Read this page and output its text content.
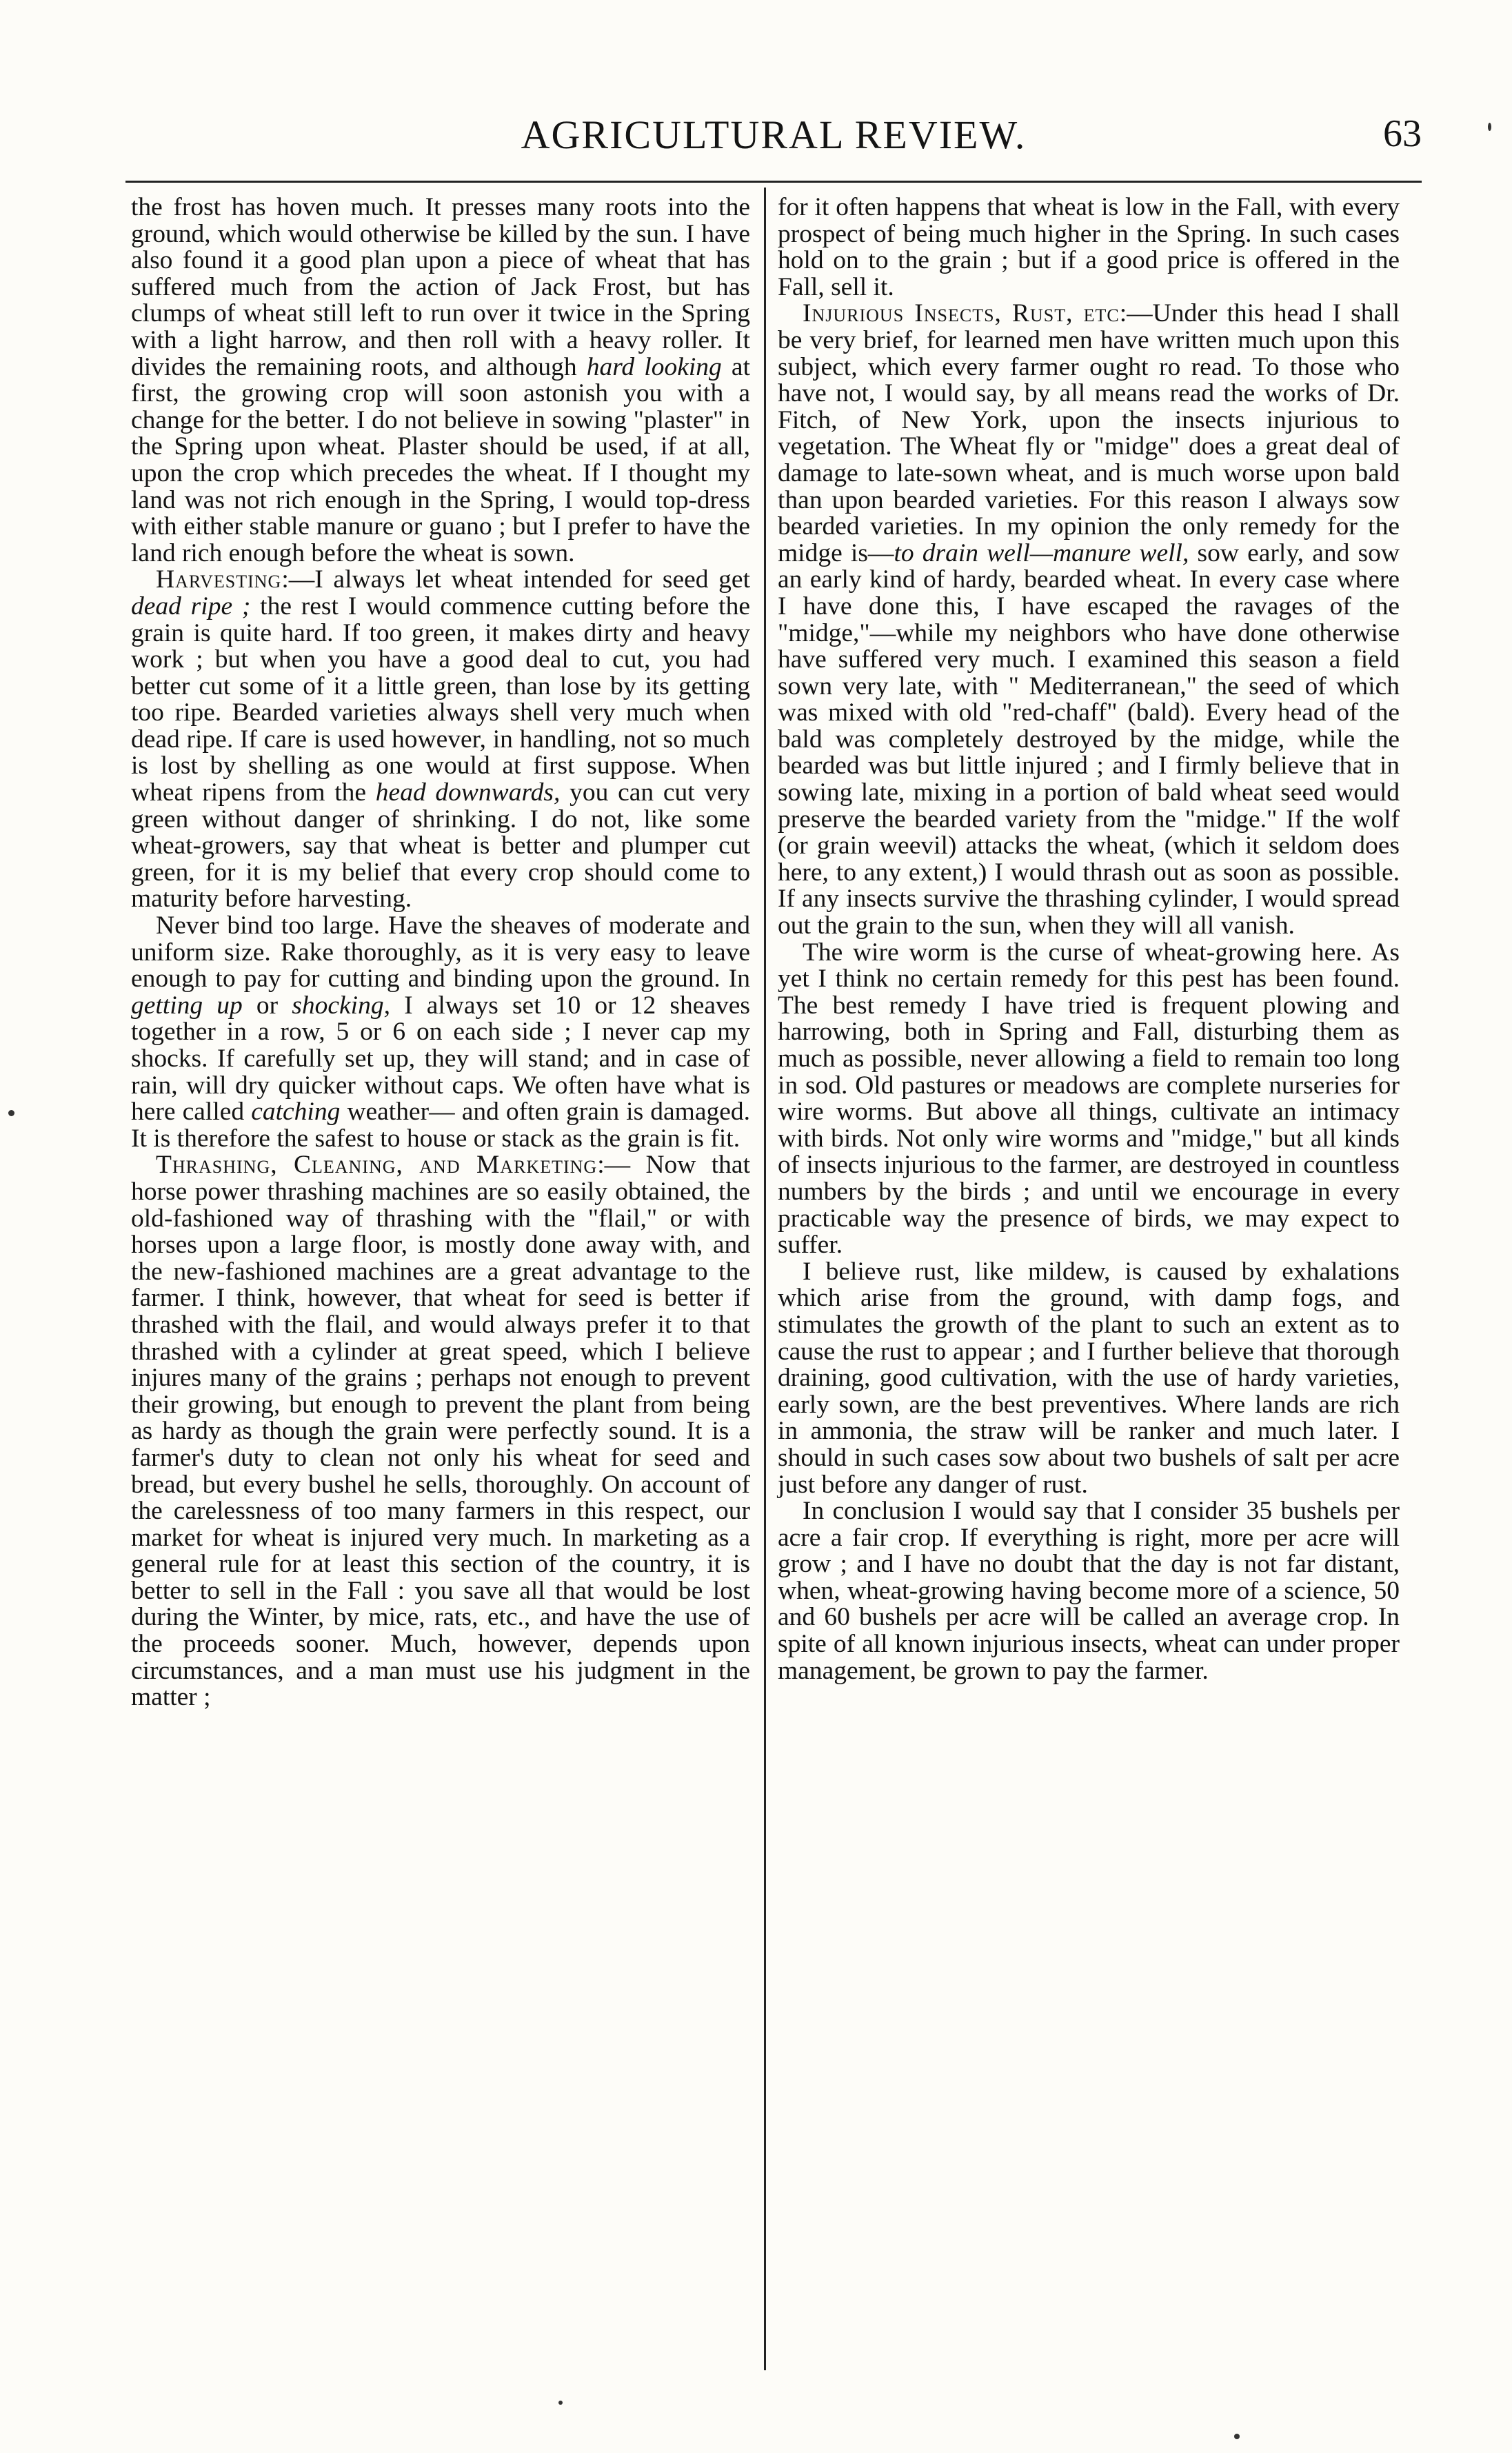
AGRICULTURAL REVIEW.	63

the frost has hoven much. It presses many roots into the ground, which would otherwise be killed by the sun. I have also found it a good plan upon a piece of wheat that has suffered much from the action of Jack Frost, but has clumps of wheat still left to run over it twice in the Spring with a light harrow, and then roll with a heavy roller. It divides the remaining roots, and although hard looking at first, the growing crop will soon astonish you with a change for the better. I do not believe in sowing "plaster" in the Spring upon wheat. Plaster should be used, if at all, upon the crop which precedes the wheat. If I thought my land was not rich enough in the Spring, I would top-dress with either stable manure or guano ; but I prefer to have the land rich enough before the wheat is sown.

Harvesting:—I always let wheat intended for seed get dead ripe ; the rest I would commence cutting before the grain is quite hard. If too green, it makes dirty and heavy work ; but when you have a good deal to cut, you had better cut some of it a little green, than lose by its getting too ripe. Bearded varieties always shell very much when dead ripe. If care is used however, in handling, not so much is lost by shelling as one would at first suppose. When wheat ripens from the head downwards, you can cut very green without danger of shrinking. I do not, like some wheat-growers, say that wheat is better and plumper cut green, for it is my belief that every crop should come to maturity before harvesting.

Never bind too large. Have the sheaves of moderate and uniform size. Rake thoroughly, as it is very easy to leave enough to pay for cutting and binding upon the ground. In getting up or shocking, I always set 10 or 12 sheaves together in a row, 5 or 6 on each side ; I never cap my shocks. If carefully set up, they will stand; and in case of rain, will dry quicker without caps. We often have what is here called catching weather— and often grain is damaged. It is therefore the safest to house or stack as the grain is fit.

Thrashing, Cleaning, and Marketing:— Now that horse power thrashing machines are so easily obtained, the old-fashioned way of thrashing with the "flail," or with horses upon a large floor, is mostly done away with, and the new-fashioned machines are a great advantage to the farmer. I think, however, that wheat for seed is better if thrashed with the flail, and would always prefer it to that thrashed with a cylinder at great speed, which I believe injures many of the grains ; perhaps not enough to prevent their growing, but enough to prevent the plant from being as hardy as though the grain were perfectly sound. It is a farmer's duty to clean not only his wheat for seed and bread, but every bushel he sells, thoroughly. On account of the carelessness of too many farmers in this respect, our market for wheat is injured very much. In marketing as a general rule for at least this section of the country, it is better to sell in the Fall : you save all that would be lost during the Winter, by mice, rats, etc., and have the use of the proceeds sooner. Much, however, depends upon circumstances, and a man must use his judgment in the matter ;

for it often happens that wheat is low in the Fall, with every prospect of being much higher in the Spring. In such cases hold on to the grain ; but if a good price is offered in the Fall, sell it.

Injurious Insects, Rust, etc:—Under this head I shall be very brief, for learned men have written much upon this subject, which every farmer ought ro read. To those who have not, I would say, by all means read the works of Dr. Fitch, of New York, upon the insects injurious to vegetation. The Wheat fly or "midge" does a great deal of damage to late-sown wheat, and is much worse upon bald than upon bearded varieties. For this reason I always sow bearded varieties. In my opinion the only remedy for the midge is—to drain well—manure well, sow early, and sow an early kind of hardy, bearded wheat. In every case where I have done this, I have escaped the ravages of the "midge,"—while my neighbors who have done otherwise have suffered very much. I examined this season a field sown very late, with " Mediterranean," the seed of which was mixed with old "red-chaff" (bald). Every head of the bald was completely destroyed by the midge, while the bearded was but little injured ; and I firmly believe that in sowing late, mixing in a portion of bald wheat seed would preserve the bearded variety from the "midge." If the wolf (or grain weevil) attacks the wheat, (which it seldom does here, to any extent,) I would thrash out as soon as possible. If any insects survive the thrashing cylinder, I would spread out the grain to the sun, when they will all vanish.

The wire worm is the curse of wheat-growing here. As yet I think no certain remedy for this pest has been found. The best remedy I have tried is frequent plowing and harrowing, both in Spring and Fall, disturbing them as much as possible, never allowing a field to remain too long in sod. Old pastures or meadows are complete nurseries for wire worms. But above all things, cultivate an intimacy with birds. Not only wire worms and "midge," but all kinds of insects injurious to the farmer, are destroyed in countless numbers by the birds ; and until we encourage in every practicable way the presence of birds, we may expect to suffer.

I believe rust, like mildew, is caused by exhalations which arise from the ground, with damp fogs, and stimulates the growth of the plant to such an extent as to cause the rust to appear ; and I further believe that thorough draining, good cultivation, with the use of hardy varieties, early sown, are the best preventives. Where lands are rich in ammonia, the straw will be ranker and much later. I should in such cases sow about two bushels of salt per acre just before any danger of rust.

In conclusion I would say that I consider 35 bushels per acre a fair crop. If everything is right, more per acre will grow ; and I have no doubt that the day is not far distant, when, wheat-growing having become more of a science, 50 and 60 bushels per acre will be called an average crop. In spite of all known injurious insects, wheat can under proper management, be grown to pay the farmer.
